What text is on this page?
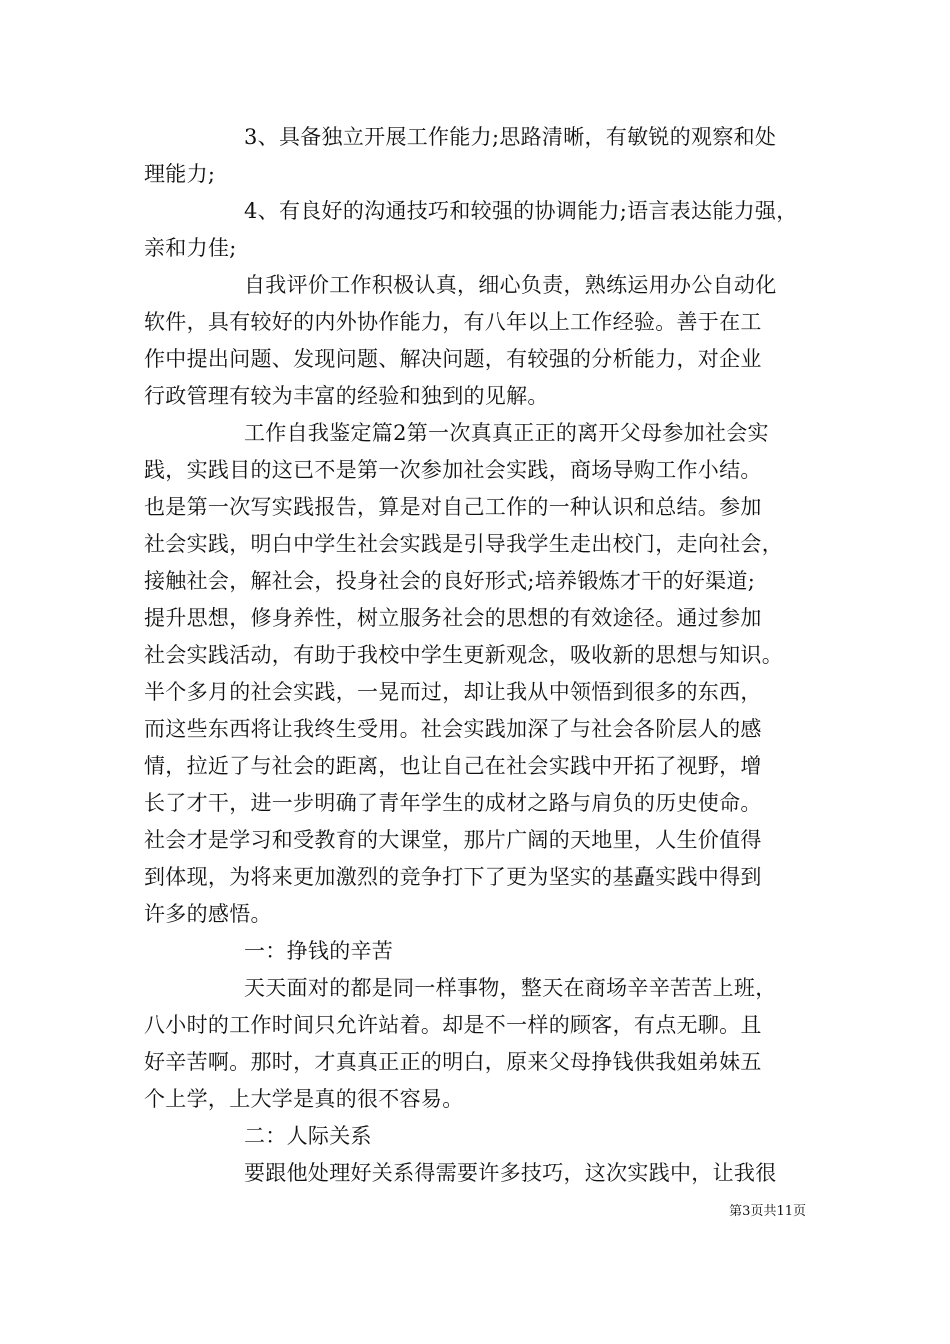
3、具备独立开展工作能力;思路清晰，有敏锐的观察和处
理能力;
4、有良好的沟通技巧和较强的协调能力;语言表达能力强，
亲和力佳;
自我评价工作积极认真，细心负责，熟练运用办公自动化
软件，具有较好的内外协作能力，有八年以上工作经验。善于在工
作中提出问题、发现问题、解决问题，有较强的分析能力，对企业
行政管理有较为丰富的经验和独到的见解。
工作自我鉴定篇2第一次真真正正的离开父母参加社会实
践，实践目的这已不是第一次参加社会实践，商场导购工作小结。
也是第一次写实践报告，算是对自己工作的一种认识和总结。参加
社会实践，明白中学生社会实践是引导我学生走出校门，走向社会，
接触社会，解社会，投身社会的良好形式;培养锻炼才干的好渠道;
提升思想，修身养性，树立服务社会的思想的有效途径。通过参加
社会实践活动，有助于我校中学生更新观念，吸收新的思想与知识。
半个多月的社会实践，一晃而过，却让我从中领悟到很多的东西，
而这些东西将让我终生受用。社会实践加深了与社会各阶层人的感
情，拉近了与社会的距离，也让自己在社会实践中开拓了视野，增
长了才干，进一步明确了青年学生的成材之路与肩负的历史使命。
社会才是学习和受教育的大课堂，那片广阔的天地里，人生价值得
到体现，为将来更加激烈的竞争打下了更为坚实的基矗实践中得到
许多的感悟。
一：挣钱的辛苦
天天面对的都是同一样事物，整天在商场辛辛苦苦上班，
八小时的工作时间只允许站着。却是不一样的顾客，有点无聊。且
好辛苦啊。那时，才真真正正的明白，原来父母挣钱供我姐弟妹五
个上学，上大学是真的很不容易。
二：人际关系
要跟他处理好关系得需要许多技巧，这次实践中，让我很
第3页共11页
